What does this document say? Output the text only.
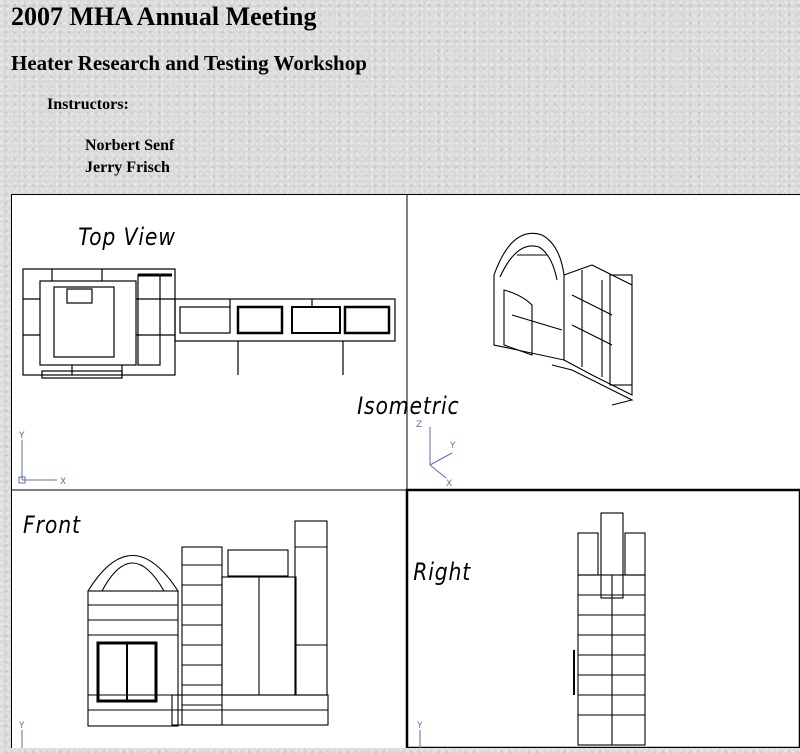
2007 MHA Annual Meeting
Heater Research and Testing Workshop
Instructors:
Norbert Senf
Jerry Frisch
Top View
Y
X
Isometric
Z
Y
X
Front
Y
Right
Y
